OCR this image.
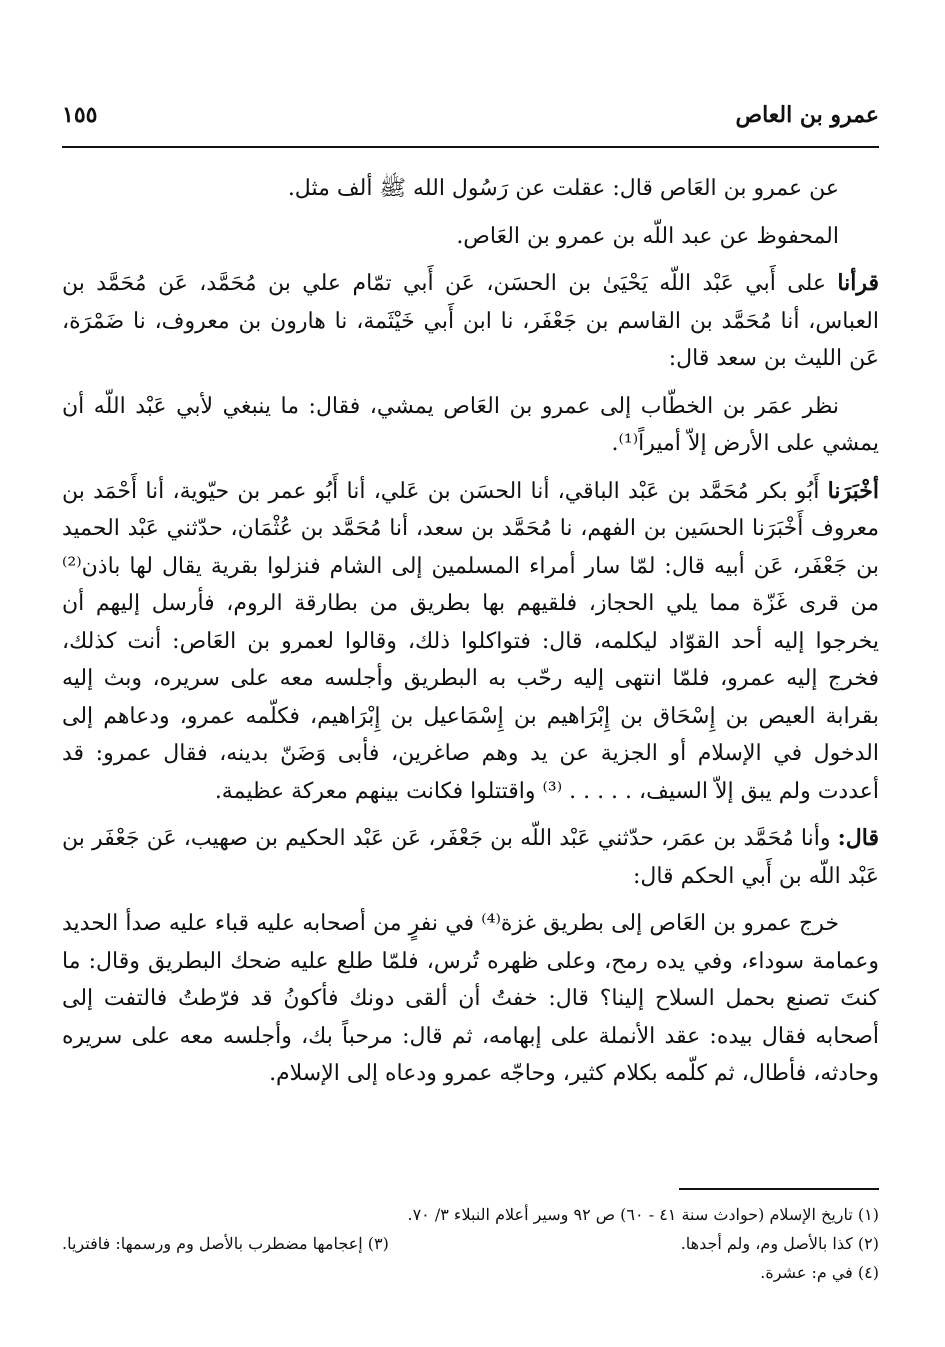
عمرو بن العاص
١٥٥

عن عمرو بن العَاص قال: عقلت عن رَسُول الله ﷺ ألف مثل.

المحفوظ عن عبد اللّه بن عمرو بن العَاص.

قرأنا على أَبي عَبْد اللّه يَحْيَىٰ بن الحسَن، عَن أَبي تمّام علي بن مُحَمَّد، عَن مُحَمَّد بن العباس، أنا مُحَمَّد بن القاسم بن جَعْفَر، نا ابن أَبي خَيْثَمة، نا هارون بن معروف، نا ضَمْرَة، عَن الليث بن سعد قال:

نظر عمَر بن الخطّاب إلى عمرو بن العَاص يمشي، فقال: ما ينبغي لأبي عَبْد اللّه أن يمشي على الأرض إلاّ أميراً⁽¹⁾.

أخْبَرَنا أَبُو بكر مُحَمَّد بن عَبْد الباقي، أنا الحسَن بن عَلي، أنا أَبُو عمر بن حيّوية، أنا أَحْمَد بن معروف أَخْبَرَنا الحسَين بن الفهم، نا مُحَمَّد بن سعد، أنا مُحَمَّد بن عُثْمَان، حدّثني عَبْد الحميد بن جَعْفَر، عَن أبيه قال: لمّا سار أمراء المسلمين إلى الشام فنزلوا بقرية يقال لها باذن⁽²⁾ من قرى غَزّة مما يلي الحجاز، فلقيهم بها بطريق من بطارقة الروم، فأرسل إليهم أن يخرجوا إليه أحد القوّاد ليكلمه، قال: فتواكلوا ذلك، وقالوا لعمرو بن العَاص: أنت كذلك، فخرج إليه عمرو، فلمّا انتهى إليه رحّب به البطريق وأجلسه معه على سريره، وبث إليه بقرابة العيص بن إِسْحَاق بن إِبْرَاهيم بن إِسْمَاعيل بن إِبْرَاهيم، فكلّمه عمرو، ودعاهم إلى الدخول في الإسلام أو الجزية عن يد وهم صاغرين، فأبى وَضَنّ بدينه، فقال عمرو: قد أعددت ولم يبق إلاّ السيف، . . . . . ⁽³⁾ واقتتلوا فكانت بينهم معركة عظيمة.

قال: وأنا مُحَمَّد بن عمَر، حدّثني عَبْد اللّه بن جَعْفَر، عَن عَبْد الحكيم بن صهيب، عَن جَعْفَر بن عَبْد اللّه بن أَبي الحكم قال:

خرج عمرو بن العَاص إلى بطريق غزة⁽⁴⁾ في نفرٍ من أصحابه عليه قباء عليه صدأ الحديد وعمامة سوداء، وفي يده رمح، وعلى ظهره تُرس، فلمّا طلع عليه ضحك البطريق وقال: ما كنتَ تصنع بحمل السلاح إلينا؟ قال: خفتُ أن ألقى دونك فأكونُ قد فرّطتُ فالتفت إلى أصحابه فقال بيده: عقد الأنملة على إبهامه، ثم قال: مرحباً بك، وأجلسه معه على سريره وحادثه، فأطال، ثم كلّمه بكلام كثير، وحاجّه عمرو ودعاه إلى الإسلام.

(١) تاريخ الإسلام (حوادث سنة ٤١ - ٦٠) ص ٩٢ وسير أعلام النبلاء ٣/ ٧٠.
(٢) كذا بالأصل وم، ولم أجدها.
(٣) إعجامها مضطرب بالأصل وم ورسمها: فافتريا.
(٤) في م: عشرة.
